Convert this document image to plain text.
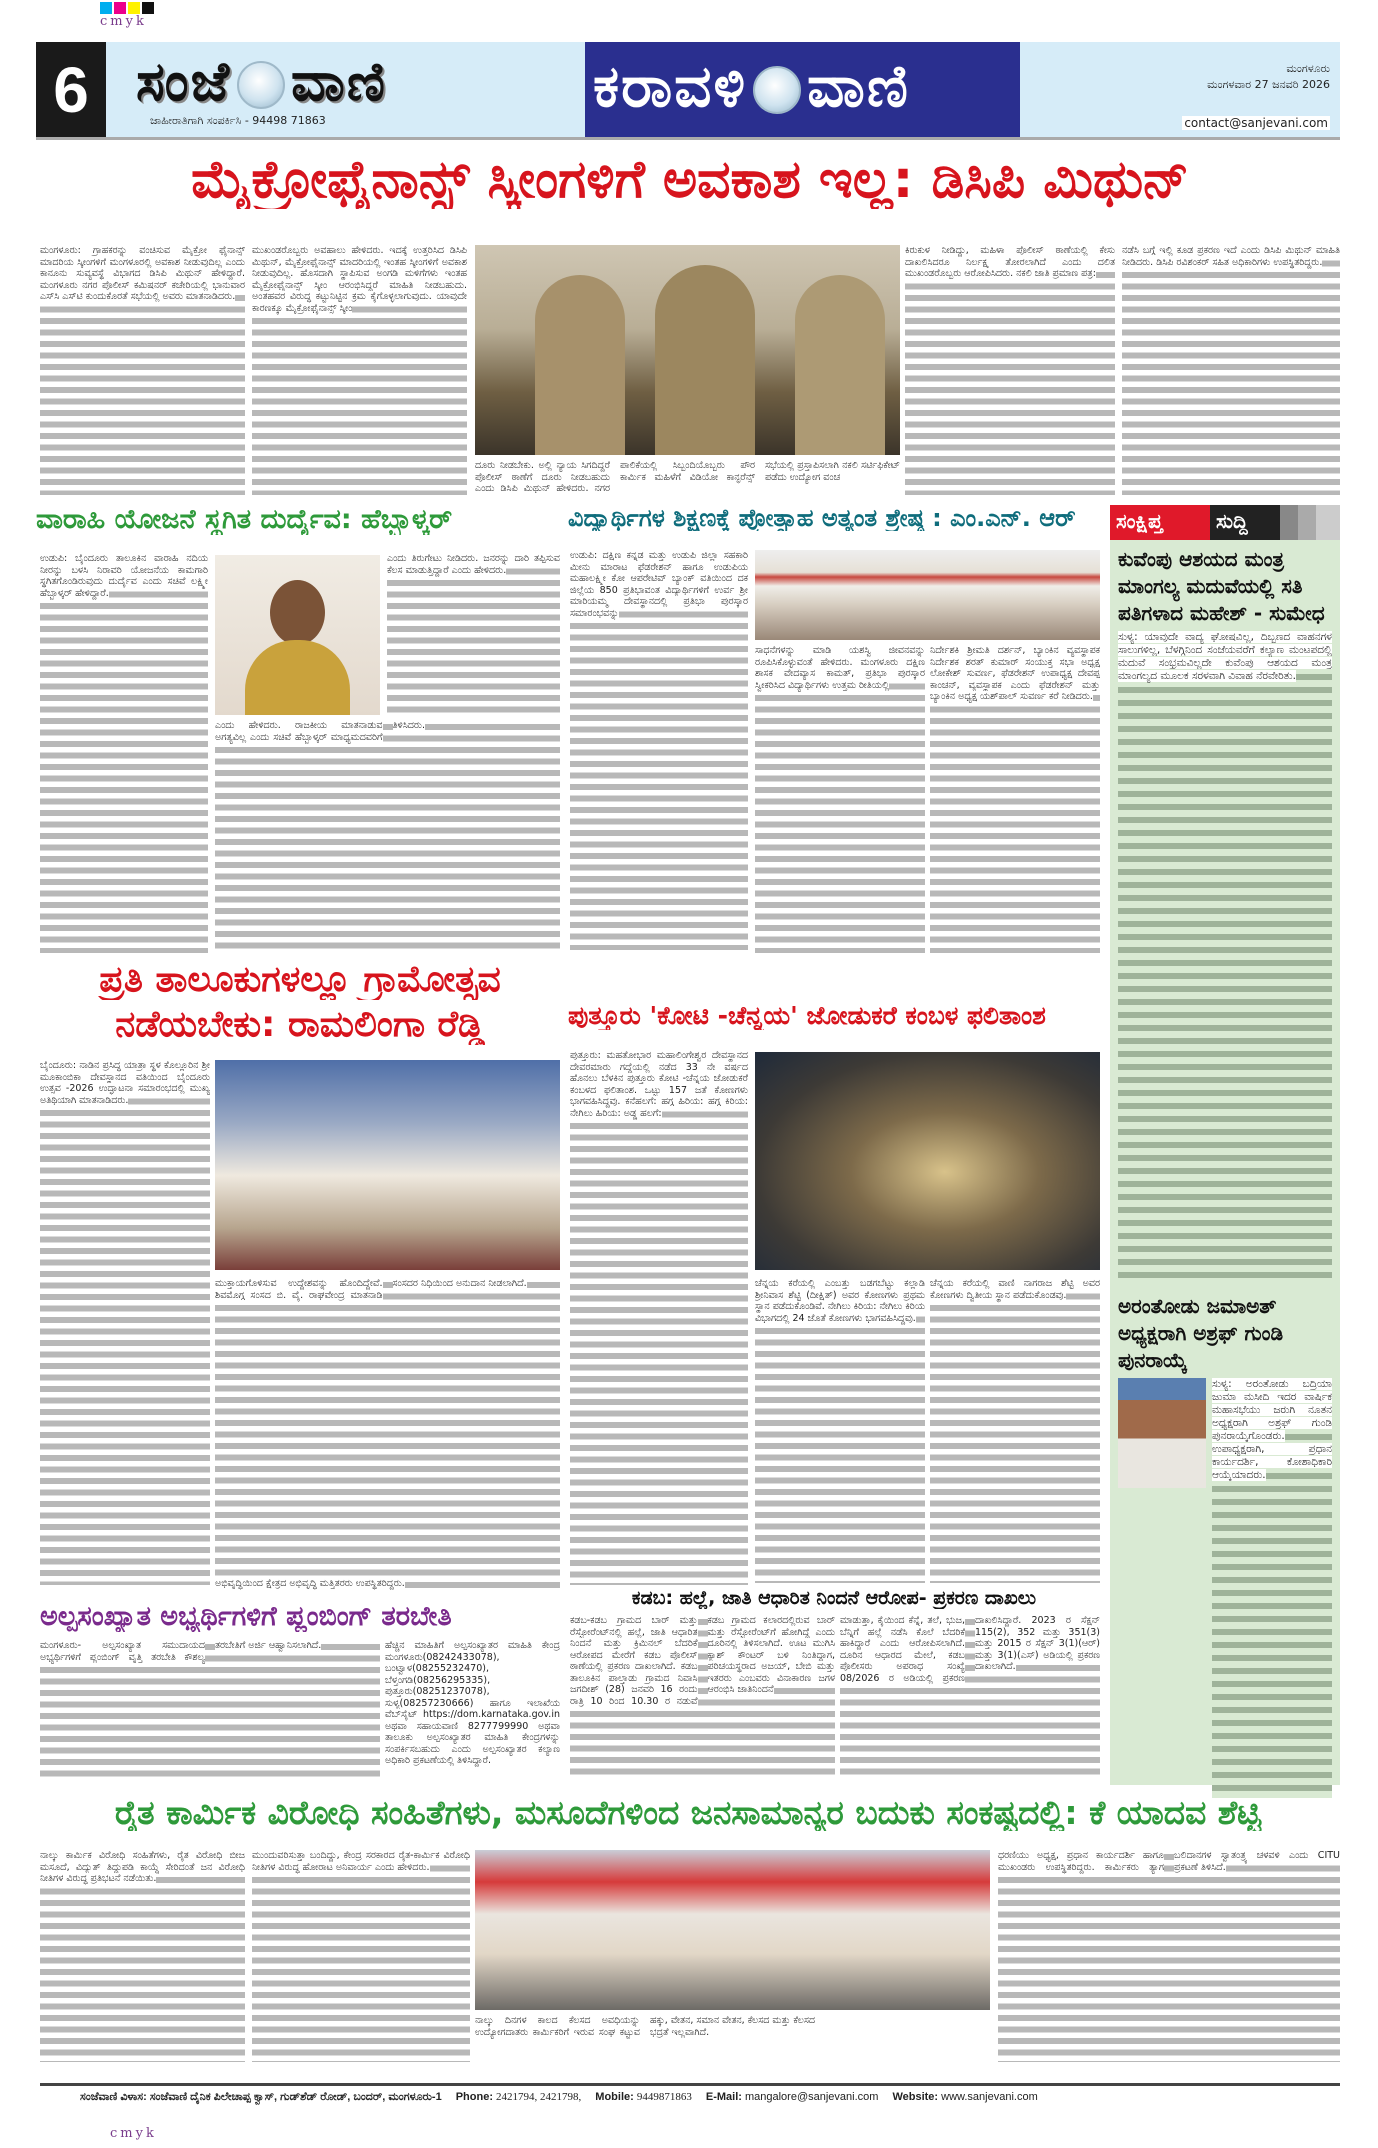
cmyk
cmyk
6 ಸಂಜೆ ವಾಣಿ
ಜಾಹೀರಾತಿಗಾಗಿ ಸಂಪರ್ಕಿಸಿ - 94498 71863
ಕರಾವಳಿ ವಾಣಿ	ಮಂಗಳೂರು
ಮಂಗಳವಾರ 27 ಜನವರಿ 2026
contact@sanjevani.com
ಮೈಕ್ರೋಫೈನಾನ್ಸ್ ಸ್ಕೀಂಗಳಿಗೆ ಅವಕಾಶ ಇಲ್ಲ: ಡಿಸಿಪಿ ಮಿಥುನ್

ಮಂಗಳೂರು: ಗ್ರಾಹಕರನ್ನು ವಂಚಿಸುವ ಮೈಕ್ರೋ ಫೈನಾನ್ಸ್ ಮಾದರಿಯ ಸ್ಕೀಂಗಳಿಗೆ ಮಂಗಳೂರಲ್ಲಿ ಅವಕಾಶ ನೀಡುವುದಿಲ್ಲ ಎಂದು ಕಾನೂನು ಸುವ್ಯವಸ್ಥೆ ವಿಭಾಗದ ಡಿಸಿಪಿ ಮಿಥುನ್ ಹೇಳಿದ್ದಾರೆ. ಮಂಗಳೂರು ನಗರ ಪೊಲೀಸ್ ಕಮಿಷನರ್ ಕಚೇರಿಯಲ್ಲಿ ಭಾನುವಾರ ಎಸ್‌ಸಿ ಎಸ್‌ಟಿ ಕುಂದುಕೊರತೆ ಸಭೆಯಲ್ಲಿ ಅವರು ಮಾತನಾಡಿದರು.

ಮುಖಂಡರೊಬ್ಬರು ಅವಹಾಲು ಹೇಳಿದರು. ಇದಕ್ಕೆ ಉತ್ತರಿಸಿದ ಡಿಸಿಪಿ ಮಿಥುನ್, ಮೈಕ್ರೋಫೈನಾನ್ಸ್ ಮಾದರಿಯಲ್ಲಿ ಇಂತಹ ಸ್ಕೀಂಗಳಿಗೆ ಅವಕಾಶ ನೀಡುವುದಿಲ್ಲ. ಹೊಸದಾಗಿ ಸ್ಥಾಪಿಸುವ ಅಂಗಡಿ ಮಳಿಗೆಗಳು ಇಂತಹ ಮೈಕ್ರೋಫೈನಾನ್ಸ್ ಸ್ಕೀಂ ಆರಂಭಿಸಿದ್ದರೆ ಮಾಹಿತಿ ನೀಡಬಹುದು. ಅಂತಹವರ ವಿರುದ್ಧ ಕಟ್ಟುನಿಟ್ಟಿನ ಕ್ರಮ ಕೈಗೊಳ್ಳಲಾಗುವುದು. ಯಾವುದೇ ಕಾರಣಕ್ಕೂ ಮೈಕ್ರೋಫೈನಾನ್ಸ್ ಸ್ಕೀಂ

ದೂರು ನೀಡಬೇಕು. ಅಲ್ಲಿ ನ್ಯಾಯ ಸಿಗದಿದ್ದರೆ ಪೊಲೀಸ್ ಠಾಣೆಗೆ ದೂರು ನೀಡಬಹುದು ಎಂದು ಡಿಸಿಪಿ ಮಿಥುನ್ ಹೇಳಿದರು. ನಗರ ಪಾಲಿಕೆಯಲ್ಲಿ ಸಿಬ್ಬಂದಿಯೊಬ್ಬರು ಪೌರ ಕಾರ್ಮಿಕ ಮಹಿಳೆಗೆ ವಿಡಿಯೋ ಕಾನ್ಫರೆನ್ಸ್ ಸಭೆಯಲ್ಲಿ ಪ್ರಸ್ತಾಪಿಸಲಾಗಿ ನಕಲಿ ಸರ್ಟಿಫಿಕೇಟ್ ಪಡೆದು ಉದ್ಯೋಗ ವಂಚ

ಕಿರುಕುಳ ನೀಡಿದ್ದು, ಮಹಿಳಾ ಪೊಲೀಸ್ ಠಾಣೆಯಲ್ಲಿ ಕೇಸು ದಾಖಲಿಸಿದರೂ ನಿರ್ಲಕ್ಷ್ಯ ತೋರಲಾಗಿದೆ ಎಂದು ದಲಿತ ಮುಖಂಡರೊಬ್ಬರು ಆರೋಪಿಸಿದರು. ನಕಲಿ ಜಾತಿ ಪ್ರಮಾಣ ಪತ್ರ:

ನಡೆಸಿ ಬಗ್ಗೆ ಇಲ್ಲಿ ಕೂಡ ಪ್ರಕರಣ ಇದೆ ಎಂದು ಡಿಸಿಪಿ ಮಿಥುನ್ ಮಾಹಿತಿ ನೀಡಿದರು. ಡಿಸಿಪಿ ರವಿಶಂಕರ್ ಸಹಿತ ಅಧಿಕಾರಿಗಳು ಉಪಸ್ಥಿತರಿದ್ದರು.

ವಾರಾಹಿ ಯೋಜನೆ ಸ್ಥಗಿತ ದುರ್ದೈವ: ಹೆಬ್ಬಾಳ್ಕರ್

ಉಡುಪಿ: ಬೈಂದೂರು ತಾಲೂಕಿನ ವಾರಾಹಿ ನದಿಯ ನೀರನ್ನು ಬಳಸಿ ನಿರಾವರಿ ಯೋಜನೆಯ ಕಾಮಗಾರಿ ಸ್ಥಗಿತಗೊಂಡಿರುವುದು ದುರ್ದೈವ ಎಂದು ಸಚಿವೆ ಲಕ್ಷ್ಮೀ ಹೆಬ್ಬಾಳ್ಕರ್ ಹೇಳಿದ್ದಾರೆ.

ಎಂದು ತಿರುಗೇಟು ನೀಡಿದರು. ಜನರನ್ನು ದಾರಿ ತಪ್ಪಿಸುವ ಕೆಲಸ ಮಾಡುತ್ತಿದ್ದಾರೆ ಎಂದು ಹೇಳಿದರು.

ಎಂದು ಹೇಳಿದರು. ರಾಜಕೀಯ ಮಾತನಾಡುವ ಅಗತ್ಯವಿಲ್ಲ ಎಂದು ಸಚಿವೆ ಹೆಬ್ಬಾಳ್ಕರ್ ಮಾಧ್ಯಮದವರಿಗೆ ತಿಳಿಸಿದರು.

ವಿದ್ಯಾರ್ಥಿಗಳ ಶಿಕ್ಷಣಕ್ಕೆ ಪ್ರೋತ್ಸಾಹ ಅತ್ಯಂತ ಶ್ರೇಷ್ಠ : ಎಂ.ಎನ್. ಆರ್

ಉಡುಪಿ: ದಕ್ಷಿಣ ಕನ್ನಡ ಮತ್ತು ಉಡುಪಿ ಜಿಲ್ಲಾ ಸಹಕಾರಿ ಮೀನು ಮಾರಾಟ ಫೆಡರೇಶನ್ ಹಾಗೂ ಉಡುಪಿಯ ಮಹಾಲಕ್ಷ್ಮೀ ಕೋ ಆಪರೇಟಿವ್ ಬ್ಯಾಂಕ್ ವತಿಯಿಂದ ದಕ ಜಿಲ್ಲೆಯ 850 ಪ್ರತಿಭಾವಂತ ವಿದ್ಯಾರ್ಥಿಗಳಿಗೆ ಉರ್ವ ಶ್ರೀ ಮಾರಿಯಮ್ಮ ದೇವಸ್ಥಾನದಲ್ಲಿ ಪ್ರತಿಭಾ ಪುರಸ್ಕಾರ ಸಮಾರಂಭವನ್ನು

ಸಾಧನೆಗಳನ್ನು ಮಾಡಿ ಯಶಸ್ವಿ ಜೀವನವನ್ನು ರೂಪಿಸಿಕೊಳ್ಳುವಂತೆ ಹೇಳಿದರು. ಮಂಗಳೂರು ದಕ್ಷಿಣ ಶಾಸಕ ವೇದವ್ಯಾಸ ಕಾಮತ್, ಪ್ರತಿಭಾ ಪುರಸ್ಕಾರ ಸ್ವೀಕರಿಸಿದ ವಿದ್ಯಾರ್ಥಿಗಳು ಉತ್ತಮ ರೀತಿಯಲ್ಲಿ

ನಿರ್ದೇಶಕಿ ಶ್ರೀಮತಿ ದರ್ಶನ್, ಬ್ಯಾಂಕಿನ ವ್ಯವಸ್ಥಾಪಕ ನಿರ್ದೇಶಕ ಶರತ್ ಕುಮಾರ್ ಸಂಯುಕ್ತ ಸಭಾ ಅಧ್ಯಕ್ಷ ಲೋಕೇಶ್ ಸುವರ್ಣ, ಫೆಡರೇಶನ್ ಉಪಾಧ್ಯಕ್ಷ ದೇವಪ್ಪ ಕಾಂಚನ್, ವ್ಯವಸ್ಥಾಪಕ ಎಂದು ಫೆಡರೇಶನ್ ಮತ್ತು ಬ್ಯಾಂಕಿನ ಅಧ್ಯಕ್ಷ ಯಶ್‌ಪಾಲ್ ಸುವರ್ಣ ಕರೆ ನೀಡಿದರು.

ಪ್ರತಿ ತಾಲೂಕುಗಳಲ್ಲೂ ಗ್ರಾಮೋತ್ಸವ
ನಡೆಯಬೇಕು: ರಾಮಲಿಂಗಾ ರೆಡ್ಡಿ

ಬೈಂದೂರು: ನಾಡಿನ ಪ್ರಸಿದ್ಧ ಯಾತ್ರಾ ಸ್ಥಳ ಕೊಲ್ಲೂರಿನ ಶ್ರೀ ಮೂಕಾಂಬಿಕಾ ದೇವಸ್ಥಾನದ ವತಿಯಿಂದ ಬೈಂದೂರು ಉತ್ಸವ -2026 ಉದ್ಘಾಟನಾ ಸಮಾರಂಭದಲ್ಲಿ ಮುಖ್ಯ ಅತಿಥಿಯಾಗಿ ಮಾತನಾಡಿದರು.

ಮುಕ್ತಾಯಗೊಳಿಸುವ ಉದ್ದೇಶವನ್ನು ಹೊಂದಿದ್ದೇವೆ. ಶಿವಮೊಗ್ಗ ಸಂಸದ ಬಿ. ವೈ. ರಾಘವೇಂದ್ರ ಮಾತನಾಡಿ ಸಂಸದರ ನಿಧಿಯಿಂದ ಅನುದಾನ ನೀಡಲಾಗಿದೆ.

ಅಭಿವೃದ್ಧಿಯಿಂದ ಕ್ಷೇತ್ರದ ಅಭಿವೃದ್ಧಿ ಮತ್ತಿತರರು ಉಪಸ್ಥಿತರಿದ್ದರು.

ಪುತ್ತೂರು 'ಕೋಟಿ -ಚೆನ್ನಯ' ಜೋಡುಕರೆ ಕಂಬಳ ಫಲಿತಾಂಶ

ಪುತ್ತೂರು: ಮಹತೋಭಾರ ಮಹಾಲಿಂಗೇಶ್ವರ ದೇವಸ್ಥಾನದ ದೇವರಮಾರು ಗದ್ದೆಯಲ್ಲಿ ನಡೆದ 33 ನೇ ವರ್ಷದ ಹೊನಲು ಬೆಳಕಿನ ಪುತ್ತೂರು ಕೋಟಿ -ಚೆನ್ನಯ ಜೋಡುಕರೆ ಕಂಬಳದ ಫಲಿತಾಂಶ. ಒಟ್ಟು 157 ಜತೆ ಕೋಣಗಳು ಭಾಗವಹಿಸಿದ್ದವು. ಕನೆಹಲಗೆ: ಹಗ್ಗ ಹಿರಿಯ: ಹಗ್ಗ ಕಿರಿಯ: ನೇಗಿಲು ಹಿರಿಯ: ಅಡ್ಡ ಹಲಗೆ:

ಚೆನ್ನಯ ಕರೆಯಲ್ಲಿ ಎಂಬತ್ತು ಬಡಗಬೆಟ್ಟು ಕಲ್ಲಾಡಿ ಶ್ರೀನಿವಾಸ ಶೆಟ್ಟಿ (ದೀಕ್ಷಿತ್) ಅವರ ಕೋಣಗಳು ಪ್ರಥಮ ಸ್ಥಾನ ಪಡೆದುಕೊಂಡಿವೆ. ನೇಗಿಲು ಕಿರಿಯ: ನೇಗಿಲು ಕಿರಿಯ ವಿಭಾಗದಲ್ಲಿ 24 ಜೊತೆ ಕೋಣಗಳು ಭಾಗವಹಿಸಿದ್ದವು.

ಚೆನ್ನಯ ಕರೆಯಲ್ಲಿ ವಾಣಿ ನಾಗರಾಜ ಶೆಟ್ಟಿ ಅವರ ಕೋಣಗಳು ದ್ವಿತೀಯ ಸ್ಥಾನ ಪಡೆದುಕೊಂಡವು.

ಕಡಬ: ಹಲ್ಲೆ, ಜಾತಿ ಆಧಾರಿತ ನಿಂದನೆ ಆರೋಪ- ಪ್ರಕರಣ ದಾಖಲು

ಕಡಬ-ಕಡಬ ಗ್ರಾಮದ ಬಾರ್ ಮತ್ತು ರೆಸ್ಟೋರೆಂಟ್‌ನಲ್ಲಿ ಹಲ್ಲೆ, ಜಾತಿ ಆಧಾರಿತ ನಿಂದನೆ ಮತ್ತು ಕ್ರಿಮಿನಲ್ ಬೆದರಿಕೆ ಆರೋಪದ ಮೇರೆಗೆ ಕಡಬ ಪೊಲೀಸ್ ಠಾಣೆಯಲ್ಲಿ ಪ್ರಕರಣ ದಾಖಲಾಗಿದೆ. ಕಡಬ ತಾಲೂಕಿನ ಪಾಲ್ತಾಡು ಗ್ರಾಮದ ನಿವಾಸಿ ಜಗದೀಶ್ (28) ಜನವರಿ 16 ರಂದು ರಾತ್ರಿ 10 ರಿಂದ 10.30 ರ ನಡುವೆ ಕಡಬ ಗ್ರಾಮದ ಕಲಾರದಲ್ಲಿರುವ ಬಾರ್ ಮತ್ತು ರೆಸ್ಟೋರೆಂಟ್‌ಗೆ ಹೋಗಿದ್ದೆ ಎಂದು ದೂರಿನಲ್ಲಿ ತಿಳಿಸಲಾಗಿದೆ. ಊಟ ಮುಗಿಸಿ ಕ್ಯಾಶ್ ಕೌಂಟರ್ ಬಳಿ ನಿಂತಿದ್ದಾಗ, ಪರಿಚಯಸ್ಥರಾದ ಅಜಯ್, ಬೇಬಿ ಮತ್ತು ಇತರರು ಎಂಬವರು ವಿನಾಕಾರಣ ಜಗಳ ಆರಂಭಿಸಿ ಜಾತಿನಿಂದನೆ

ಮಾಡುತ್ತಾ, ಕೈಯಿಂದ ಕೆನ್ನೆ, ತಲೆ, ಭುಜ, ಬೆನ್ನಿಗೆ ಹಲ್ಲೆ ನಡೆಸಿ ಕೊಲೆ ಬೆದರಿಕೆ ಹಾಕಿದ್ದಾರೆ ಎಂದು ಆರೋಪಿಸಲಾಗಿದೆ. ದೂರಿನ ಆಧಾರದ ಮೇಲೆ, ಕಡಬ ಪೊಲೀಸರು ಅಪರಾಧ ಸಂಖ್ಯೆ 08/2026 ರ ಅಡಿಯಲ್ಲಿ ಪ್ರಕರಣ ದಾಖಲಿಸಿದ್ದಾರೆ. 2023 ರ ಸೆಕ್ಷನ್ 115(2), 352 ಮತ್ತು 351(3) ಮತ್ತು 2015 ರ ಸೆಕ್ಷನ್ 3(1)(ಆರ್) ಮತ್ತು 3(1)(ಎಸ್) ಅಡಿಯಲ್ಲಿ ಪ್ರಕರಣ ದಾಖಲಾಗಿದೆ.

ಅಲ್ಪಸಂಖ್ಯಾತ ಅಭ್ಯರ್ಥಿಗಳಿಗೆ ಪ್ಲಂಬಿಂಗ್ ತರಬೇತಿ

ಮಂಗಳೂರು- ಅಲ್ಪಸಂಖ್ಯಾತ ಸಮುದಾಯದ ಅಭ್ಯರ್ಥಿಗಳಿಗೆ ಪ್ಲಂಬಿಂಗ್ ವೃತ್ತಿ ತರಬೇತಿ ಕೌಶಲ್ಯ ತರಬೇತಿಗೆ ಅರ್ಜಿ ಆಹ್ವಾನಿಸಲಾಗಿದೆ.	ಹೆಚ್ಚಿನ ಮಾಹಿತಿಗೆ ಅಲ್ಪಸಂಖ್ಯಾತರ ಮಾಹಿತಿ ಕೇಂದ್ರ ಮಂಗಳೂರು(08242433078), ಬಂಟ್ವಾಳ(08255232470), ಬೆಳ್ತಂಗಡಿ(08256295335), ಪುತ್ತೂರು(08251237078), ಸುಳ್ಯ(08257230666) ಹಾಗೂ ಇಲಾಖೆಯ ವೆಬ್‌ಸೈಟ್ https://dom.karnataka.gov.in ಅಥವಾ ಸಹಾಯವಾಣಿ 8277799990 ಅಥವಾ ತಾಲೂಕು ಅಲ್ಪಸಂಖ್ಯಾತರ ಮಾಹಿತಿ ಕೇಂದ್ರಗಳನ್ನು ಸಂಪರ್ಕಿಸಬಹುದು ಎಂದು ಅಲ್ಪಸಂಖ್ಯಾತರ ಕಲ್ಯಾಣ ಅಧಿಕಾರಿ ಪ್ರಕಟಣೆಯಲ್ಲಿ ತಿಳಿಸಿದ್ದಾರೆ.

ಸಂಕ್ಷಿಪ್ತ	ಸುದ್ದಿ
ಕುವೆಂಪು ಆಶಯದ ಮಂತ್ರ ಮಾಂಗಲ್ಯ ಮದುವೆಯಲ್ಲಿ ಸತಿ ಪತಿಗಳಾದ ಮಹೇಶ್ - ಸುಮೇಧ

ಸುಳ್ಯ: ಯಾವುದೇ ವಾದ್ಯ ಘೋಷವಿಲ್ಲ, ದಿಬ್ಬಣದ ವಾಹನಗಳ ಸಾಲುಗಳಿಲ್ಲ, ಬೆಳಗ್ಗಿನಿಂದ ಸಂಜೆಯವರೆಗೆ ಕಲ್ಯಾಣ ಮಂಟಪದಲ್ಲಿ ಮದುವೆ ಸಂಭ್ರಮವಿಲ್ಲದೇ ಕುವೆಂಪು ಆಶಯದ ಮಂತ್ರ ಮಾಂಗಲ್ಯದ ಮೂಲಕ ಸರಳವಾಗಿ ವಿವಾಹ ನೆರವೇರಿತು.

ಅರಂತೋಡು ಜಮಾಅತ್ ಅಧ್ಯಕ್ಷರಾಗಿ ಅಶ್ರಫ್ ಗುಂಡಿ ಪುನರಾಯ್ಕೆ

ಸುಳ್ಯ: ಅರಂತೋಡು ಬದ್ರಿಯಾ ಜುಮಾ ಮಸೀದಿ ಇದರ ವಾರ್ಷಿಕ ಮಹಾಸಭೆಯು ಜರುಗಿ ನೂತನ ಅಧ್ಯಕ್ಷರಾಗಿ ಅಶ್ರಫ್ ಗುಂಡಿ ಪುನರಾಯ್ಕೆಗೊಂಡರು. ಉಪಾಧ್ಯಕ್ಷರಾಗಿ, ಪ್ರಧಾನ ಕಾರ್ಯದರ್ಶಿ, ಕೋಶಾಧಿಕಾರಿ ಆಯ್ಕೆಯಾದರು.

ರೈತ ಕಾರ್ಮಿಕ ವಿರೋಧಿ ಸಂಹಿತೆಗಳು, ಮಸೂದೆಗಳಿಂದ ಜನಸಾಮಾನ್ಯರ ಬದುಕು ಸಂಕಷ್ಟದಲ್ಲಿ: ಕೆ ಯಾದವ ಶೆಟ್ಟಿ

ನಾಲ್ಕು ಕಾರ್ಮಿಕ ವಿರೋಧಿ ಸಂಹಿತೆಗಳು, ರೈತ ವಿರೋಧಿ ಬೀಜ ಮಸೂದೆ, ವಿದ್ಯುತ್ ತಿದ್ದುಪಡಿ ಕಾಯ್ದೆ ಸೇರಿದಂತೆ ಜನ ವಿರೋಧಿ ನೀತಿಗಳ ವಿರುದ್ಧ ಪ್ರತಿಭಟನೆ ನಡೆಯಿತು.

ಮುಂದುವರಿಸುತ್ತಾ ಬಂದಿದ್ದು, ಕೇಂದ್ರ ಸರಕಾರದ ರೈತ-ಕಾರ್ಮಿಕ ವಿರೋಧಿ ನೀತಿಗಳ ವಿರುದ್ಧ ಹೋರಾಟ ಅನಿವಾರ್ಯ ಎಂದು ಹೇಳಿದರು.

ನಾಲ್ಕು ದಿನಗಳ ಕಾಲದ ಕೆಲಸದ ಅವಧಿಯನ್ನು ಉದ್ಯೋಗದಾತರು ಕಾರ್ಮಿಕರಿಗೆ ಇರುವ ಸಂಘ ಕಟ್ಟುವ ಹಕ್ಕು, ವೇತನ, ಸಮಾನ ವೇತನ, ಕೆಲಸದ ಮತ್ತು ಕೆಲಸದ ಭದ್ರತೆ ಇಲ್ಲವಾಗಿದೆ.

ಧರಣಿಯು ಅಧ್ಯಕ್ಷ, ಪ್ರಧಾನ ಕಾರ್ಯದರ್ಶಿ ಹಾಗೂ ಮುಖಂಡರು ಉಪಸ್ಥಿತರಿದ್ದರು. ಕಾರ್ಮಿಕರು ತ್ಯಾಗ ಬಲಿದಾನಗಳ ಸ್ವಾತಂತ್ರ್ಯ ಚಳವಳಿ ಎಂದು CITU ಪ್ರಕಟಣೆ ತಿಳಿಸಿದೆ.

ಸಂಜೆವಾಣಿ ವಿಳಾಸ: ಸಂಜೆವಾಣಿ ದೈನಿಕ ಪಿಲೇಚಾಪ್ಪ ಕ್ವಾಸ್, ಗುಡ್‌ಶೆಡ್ ರೋಡ್, ಬಂದರ್, ಮಂಗಳೂರು-1 Phone: 2421794, 2421798, Mobile: 9449871863 E-Mail: mangalore@sanjevani.com Website: www.sanjevani.com
